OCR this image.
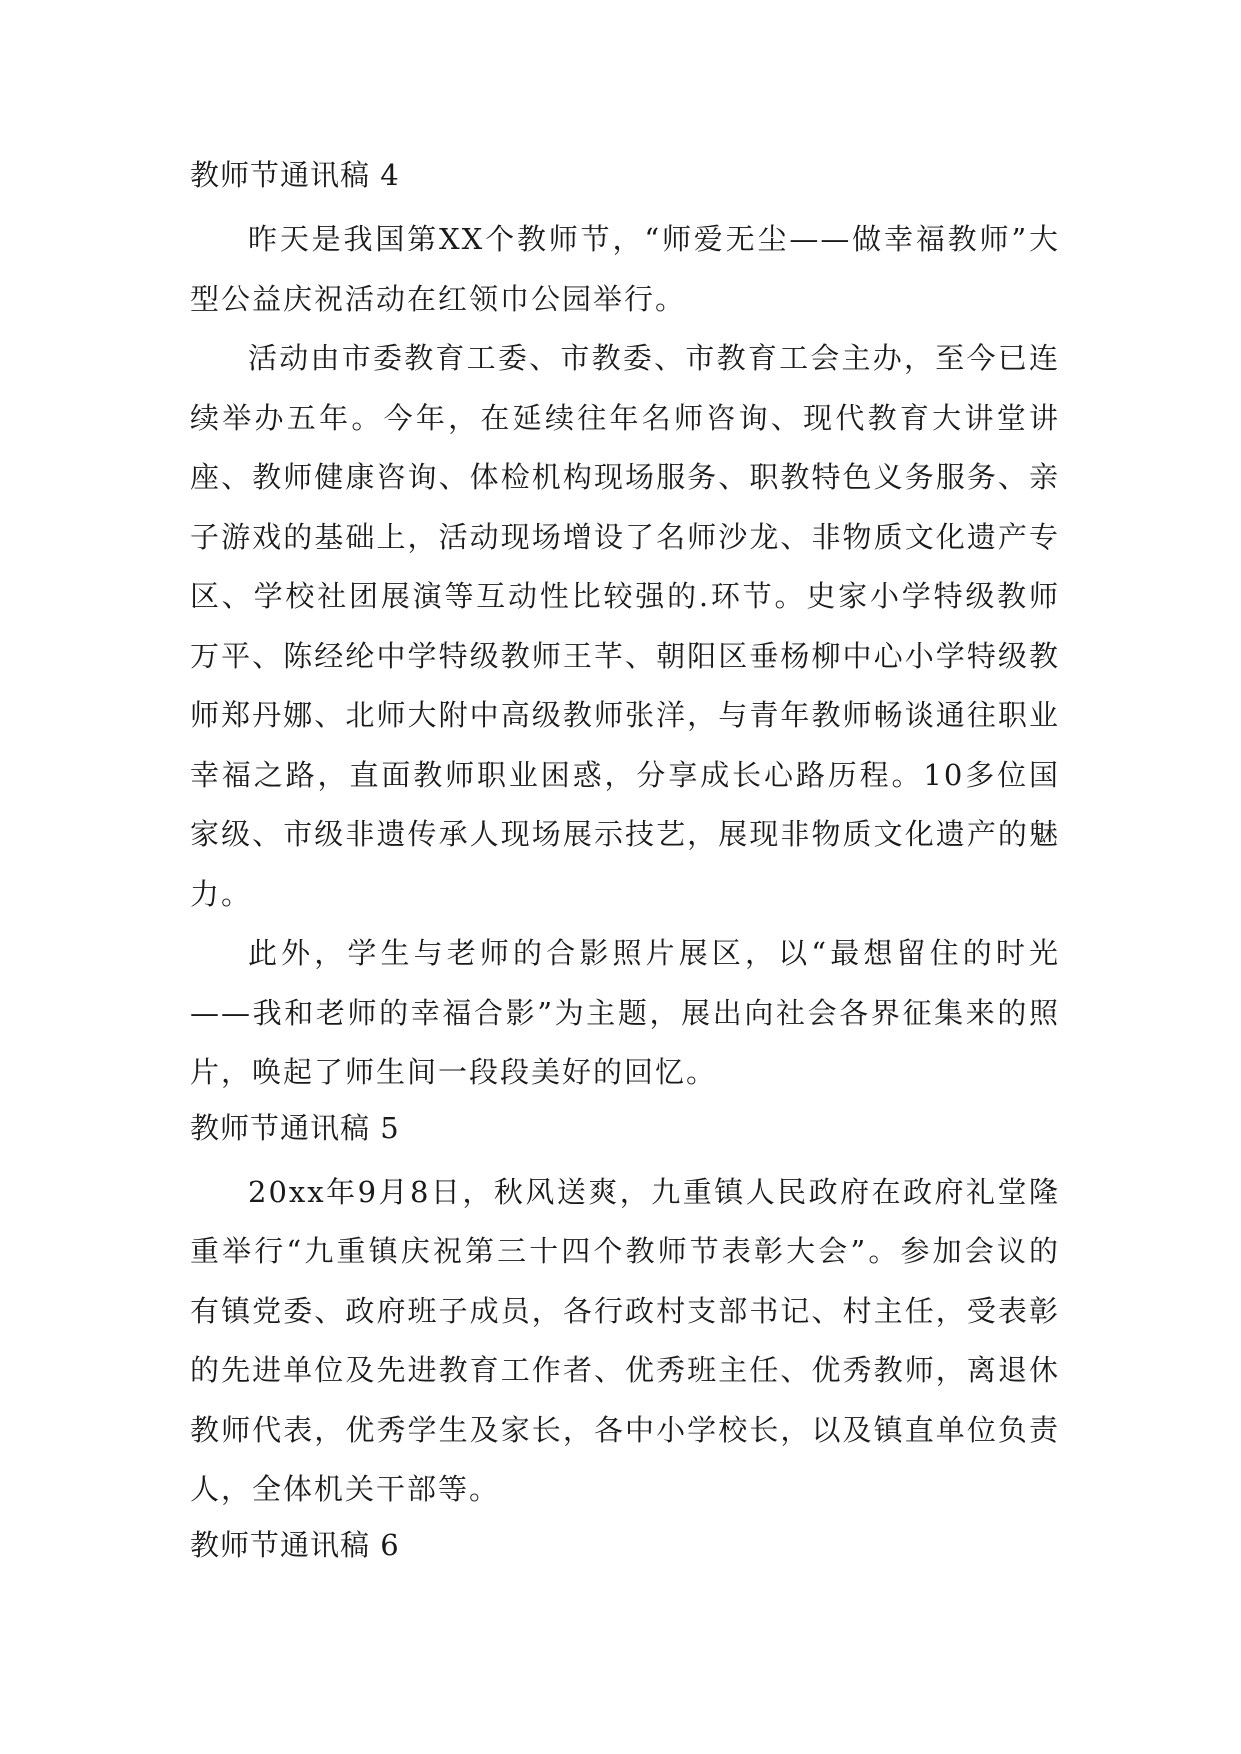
教师节通讯稿 4

昨天是我国第XX个教师节，“师爱无尘——做幸福教师”大型公益庆祝活动在红领巾公园举行。

活动由市委教育工委、市教委、市教育工会主办，至今已连续举办五年。今年，在延续往年名师咨询、现代教育大讲堂讲座、教师健康咨询、体检机构现场服务、职教特色义务服务、亲子游戏的基础上，活动现场增设了名师沙龙、非物质文化遗产专区、学校社团展演等互动性比较强的.环节。史家小学特级教师万平、陈经纶中学特级教师王芊、朝阳区垂杨柳中心小学特级教师郑丹娜、北师大附中高级教师张洋，与青年教师畅谈通往职业幸福之路，直面教师职业困惑，分享成长心路历程。10多位国家级、市级非遗传承人现场展示技艺，展现非物质文化遗产的魅力。

此外，学生与老师的合影照片展区，以“最想留住的时光——我和老师的幸福合影”为主题，展出向社会各界征集来的照片，唤起了师生间一段段美好的回忆。

教师节通讯稿 5

20xx年9月8日，秋风送爽，九重镇人民政府在政府礼堂隆重举行“九重镇庆祝第三十四个教师节表彰大会”。参加会议的有镇党委、政府班子成员，各行政村支部书记、村主任，受表彰的先进单位及先进教育工作者、优秀班主任、优秀教师，离退休教师代表，优秀学生及家长，各中小学校长，以及镇直单位负责人，全体机关干部等。

教师节通讯稿 6
